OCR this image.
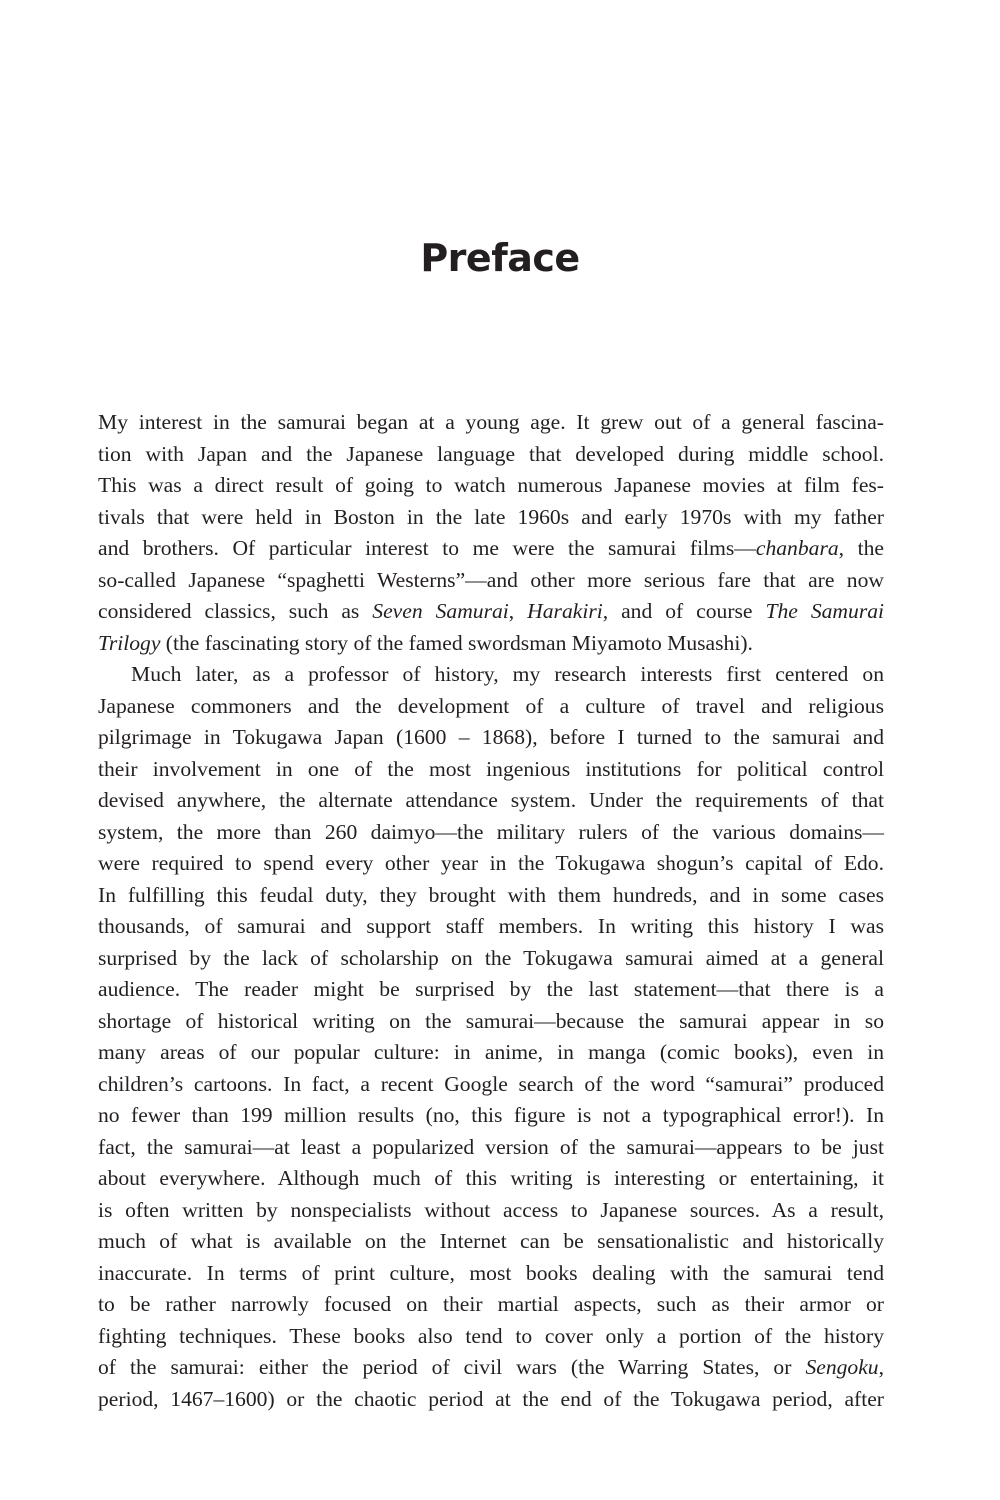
Preface
My interest in the samurai began at a young age. It grew out of a general fascina-
tion with Japan and the Japanese language that developed during middle school.
This was a direct result of going to watch numerous Japanese movies at film fes-
tivals that were held in Boston in the late 1960s and early 1970s with my father
and brothers. Of particular interest to me were the samurai films—chanbara, the
so-called Japanese “spaghetti Westerns”—and other more serious fare that are now
considered classics, such as Seven Samurai, Harakiri, and of course The Samurai
Trilogy (the fascinating story of the famed swordsman Miyamoto Musashi).
Much later, as a professor of history, my research interests first centered on
Japanese commoners and the development of a culture of travel and religious
pilgrimage in Tokugawa Japan (1600 – 1868), before I turned to the samurai and
their involvement in one of the most ingenious institutions for political control
devised anywhere, the alternate attendance system. Under the requirements of that
system, the more than 260 daimyo—the military rulers of the various domains—
were required to spend every other year in the Tokugawa shogun’s capital of Edo.
In fulfilling this feudal duty, they brought with them hundreds, and in some cases
thousands, of samurai and support staff members. In writing this history I was
surprised by the lack of scholarship on the Tokugawa samurai aimed at a general
audience. The reader might be surprised by the last statement—that there is a
shortage of historical writing on the samurai—because the samurai appear in so
many areas of our popular culture: in anime, in manga (comic books), even in
children’s cartoons. In fact, a recent Google search of the word “samurai” produced
no fewer than 199 million results (no, this figure is not a typographical error!). In
fact, the samurai—at least a popularized version of the samurai—appears to be just
about everywhere. Although much of this writing is interesting or entertaining, it
is often written by nonspecialists without access to Japanese sources. As a result,
much of what is available on the Internet can be sensationalistic and historically
inaccurate. In terms of print culture, most books dealing with the samurai tend
to be rather narrowly focused on their martial aspects, such as their armor or
fighting techniques. These books also tend to cover only a portion of the history
of the samurai: either the period of civil wars (the Warring States, or Sengoku,
period, 1467–1600) or the chaotic period at the end of the Tokugawa period, after
